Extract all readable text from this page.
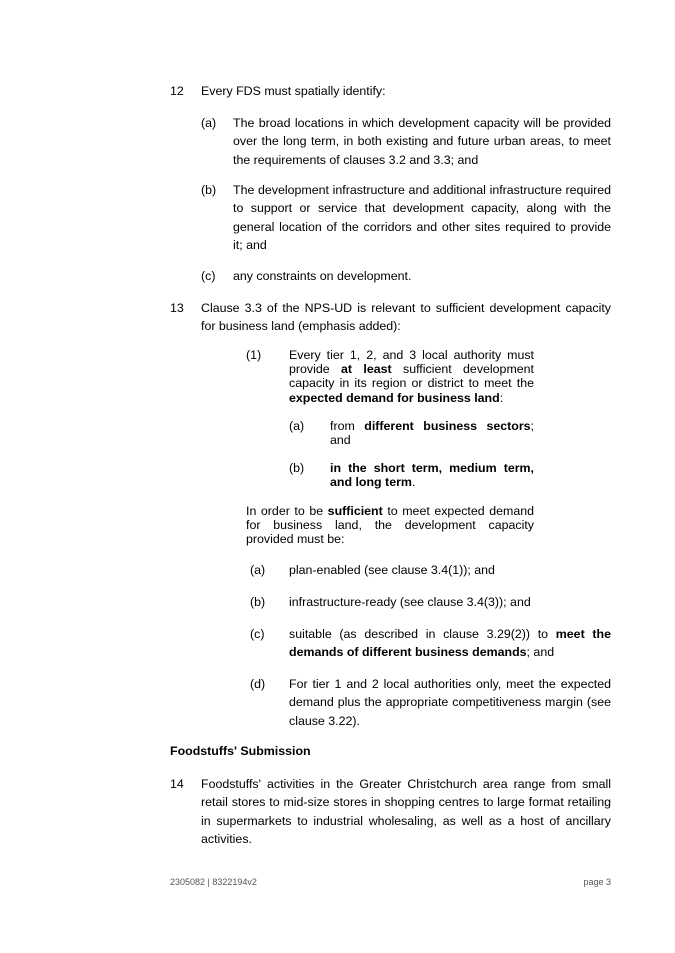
12 Every FDS must spatially identify:
(a) The broad locations in which development capacity will be provided over the long term, in both existing and future urban areas, to meet the requirements of clauses 3.2 and 3.3; and
(b) The development infrastructure and additional infrastructure required to support or service that development capacity, along with the general location of the corridors and other sites required to provide it; and
(c) any constraints on development.
13 Clause 3.3 of the NPS-UD is relevant to sufficient development capacity for business land (emphasis added):
(1) Every tier 1, 2, and 3 local authority must provide at least sufficient development capacity in its region or district to meet the expected demand for business land:
(a) from different business sectors; and
(b) in the short term, medium term, and long term.
In order to be sufficient to meet expected demand for business land, the development capacity provided must be:
(a) plan-enabled (see clause 3.4(1)); and
(b) infrastructure-ready (see clause 3.4(3)); and
(c) suitable (as described in clause 3.29(2)) to meet the demands of different business demands; and
(d) For tier 1 and 2 local authorities only, meet the expected demand plus the appropriate competitiveness margin (see clause 3.22).
Foodstuffs' Submission
14 Foodstuffs' activities in the Greater Christchurch area range from small retail stores to mid-size stores in shopping centres to large format retailing in supermarkets to industrial wholesaling, as well as a host of ancillary activities.
2305082 | 8322194v2	page 3
